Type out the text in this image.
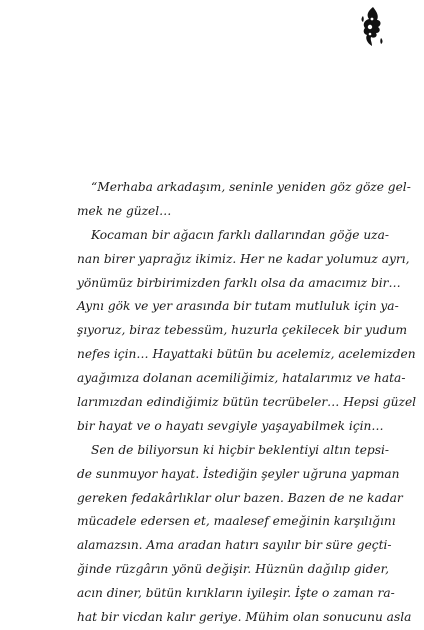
“Merhaba arkadaşım, seninle yeniden göz göze gel-
mek ne güzel…
Kocaman bir ağacın farklı dallarından göğe uza-
nan birer yaprağız ikimiz. Her ne kadar yolumuz ayrı,
yönümüz birbirimizden farklı olsa da amacımız bir…
Aynı gök ve yer arasında bir tutam mutluluk için ya-
şıyoruz, biraz tebessüm, huzurla çekilecek bir yudum
nefes için… Hayattaki bütün bu acelemiz, acelemizden
ayağımıza dolanan acemiliğimiz, hatalarımız ve hata-
larımızdan edindiğimiz bütün tecrübeler… Hepsi güzel
bir hayat ve o hayatı sevgiyle yaşayabilmek için…
Sen de biliyorsun ki hiçbir beklentiyi altın tepsi-
de sunmuyor hayat. İstediğin şeyler uğruna yapman
gereken fedakârlıklar olur bazen. Bazen de ne kadar
mücadele edersen et, maalesef emeğinin karşılığını
alamazsın. Ama aradan hatırı sayılır bir süre geçti-
ğinde rüzgârın yönü değişir. Hüznün dağılıp gider,
acın diner, bütün kırıkların iyileşir. İşte o zaman ra-
hat bir vicdan kalır geriye. Mühim olan sonucunu asla
